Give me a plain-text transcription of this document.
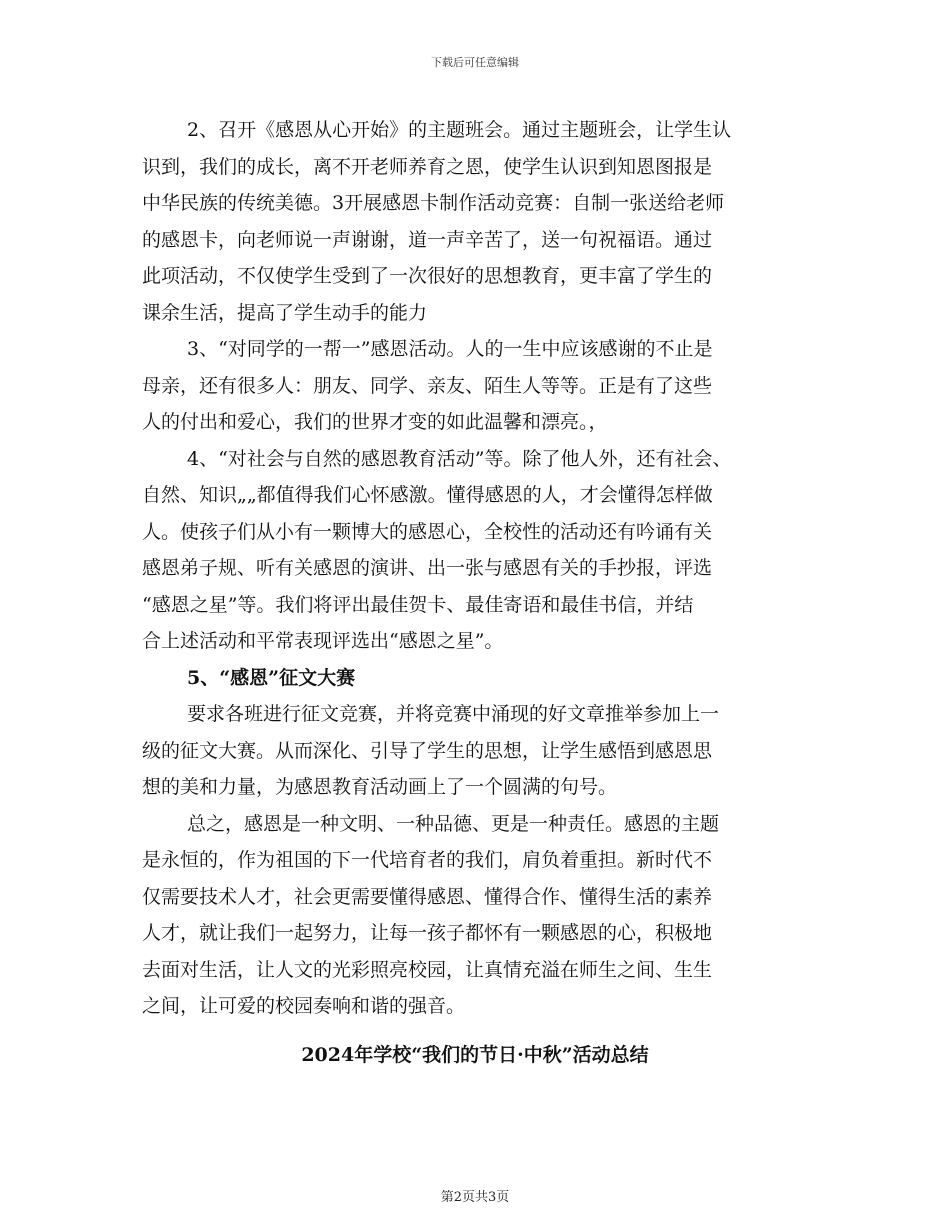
下载后可任意编辑

2、召开《感恩从心开始》的主题班会。通过主题班会，让学生认
识到，我们的成长，离不开老师养育之恩，使学生认识到知恩图报是
中华民族的传统美德。3开展感恩卡制作活动竞赛：自制一张送给老师
的感恩卡，向老师说一声谢谢，道一声辛苦了，送一句祝福语。通过
此项活动，不仅使学生受到了一次很好的思想教育，更丰富了学生的
课余生活，提高了学生动手的能力

3、“对同学的一帮一”感恩活动。人的一生中应该感谢的不止是
母亲，还有很多人：朋友、同学、亲友、陌生人等等。正是有了这些
人的付出和爱心，我们的世界才变的如此温馨和漂亮。，

4、“对社会与自然的感恩教育活动”等。除了他人外，还有社会、
自然、知识„„都值得我们心怀感激。懂得感恩的人，才会懂得怎样做
人。使孩子们从小有一颗博大的感恩心，全校性的活动还有吟诵有关
感恩弟子规、听有关感恩的演讲、出一张与感恩有关的手抄报，评选
“感恩之星”等。我们将评出最佳贺卡、最佳寄语和最佳书信，并结
合上述活动和平常表现评选出“感恩之星”。

5、“感恩”征文大赛

要求各班进行征文竞赛，并将竞赛中涌现的好文章推举参加上一
级的征文大赛。从而深化、引导了学生的思想，让学生感悟到感恩思
想的美和力量，为感恩教育活动画上了一个圆满的句号。

总之，感恩是一种文明、一种品德、更是一种责任。感恩的主题
是永恒的，作为祖国的下一代培育者的我们，肩负着重担。新时代不
仅需要技术人才，社会更需要懂得感恩、懂得合作、懂得生活的素养
人才，就让我们一起努力，让每一孩子都怀有一颗感恩的心，积极地
去面对生活，让人文的光彩照亮校园，让真情充溢在师生之间、生生
之间，让可爱的校园奏响和谐的强音。

2024年学校“我们的节日·中秋”活动总结
第2页共3页
